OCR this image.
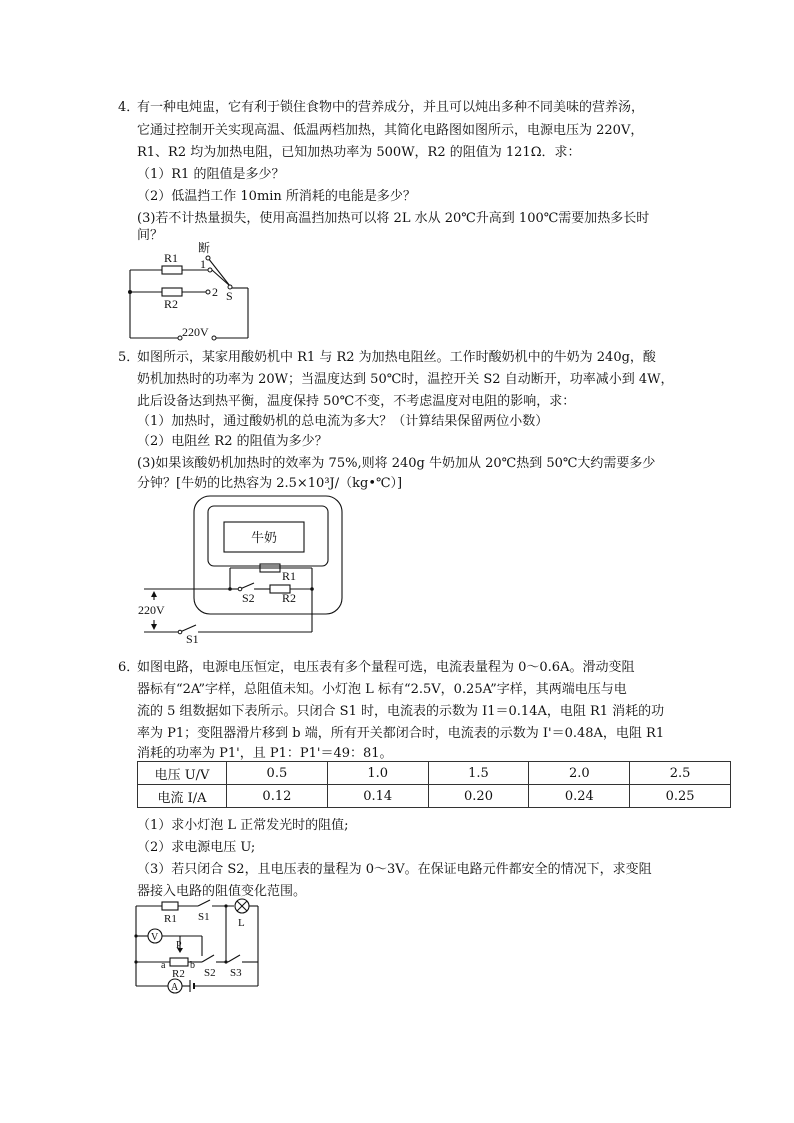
4．
有一种电炖盅，它有利于锁住食物中的营养成分，并且可以炖出多种不同美味的营养汤，
它通过控制开关实现高温、低温两档加热，其简化电路图如图所示，电源电压为 220V，
R1、R2 均为加热电阻，已知加热功率为 500W，R2 的阻值为 121Ω．求：
（1）R1 的阻值是多少？
（2）低温挡工作 10min 所消耗的电能是多少？
(3)若不计热量损失，使用高温挡加热可以将 2L 水从 20℃升高到 100℃需要加热多长时
间？
R1
R2
断
1
2 S
220V
5．
如图所示，某家用酸奶机中 R1 与 R2 为加热电阻丝。工作时酸奶机中的牛奶为 240g，酸
奶机加热时的功率为 20W；当温度达到 50℃时，温控开关 S2 自动断开，功率减小到 4W，
此后设备达到热平衡，温度保持 50℃不变，不考虑温度对电阻的影响，求：
（1）加热时，通过酸奶机的总电流为多大？（计算结果保留两位小数）
（2）电阻丝 R2 的阻值为多少？
(3)如果该酸奶机加热时的效率为 75%,则将 240g 牛奶加从 20℃热到 50℃大约需要多少
分钟？[牛奶的比热容为 2.5×10³J/（kg•℃）]
牛奶
R1
R2
S2
S1
220V
6．
如图电路，电源电压恒定，电压表有多个量程可选，电流表量程为 0～0.6A。滑动变阻
器标有“2A”字样，总阻值未知。小灯泡 L 标有“2.5V，0.25A”字样，其两端电压与电
流的 5 组数据如下表所示。只闭合 S1 时，电流表的示数为 I1＝0.14A，电阻 R1 消耗的功
率为 P1；变阻器滑片移到 b 端，所有开关都闭合时，电流表的示数为 I'＝0.48A，电阻 R1
消耗的功率为 P1'，且 P1：P1'＝49：81。
电压 U/V	0.5	1.0	1.5	2.0	2.5
电流 I/A	0.12	0.14	0.20	0.24	0.25
（1）求小灯泡 L 正常发光时的阻值;
（2）求电源电压 U;
（3）若只闭合 S2，且电压表的量程为 0～3V。在保证电路元件都安全的情况下，求变阻
器接入电路的阻值变化范围。
R1 S1	L
V
P
a
R2
b
S2 S3
A
